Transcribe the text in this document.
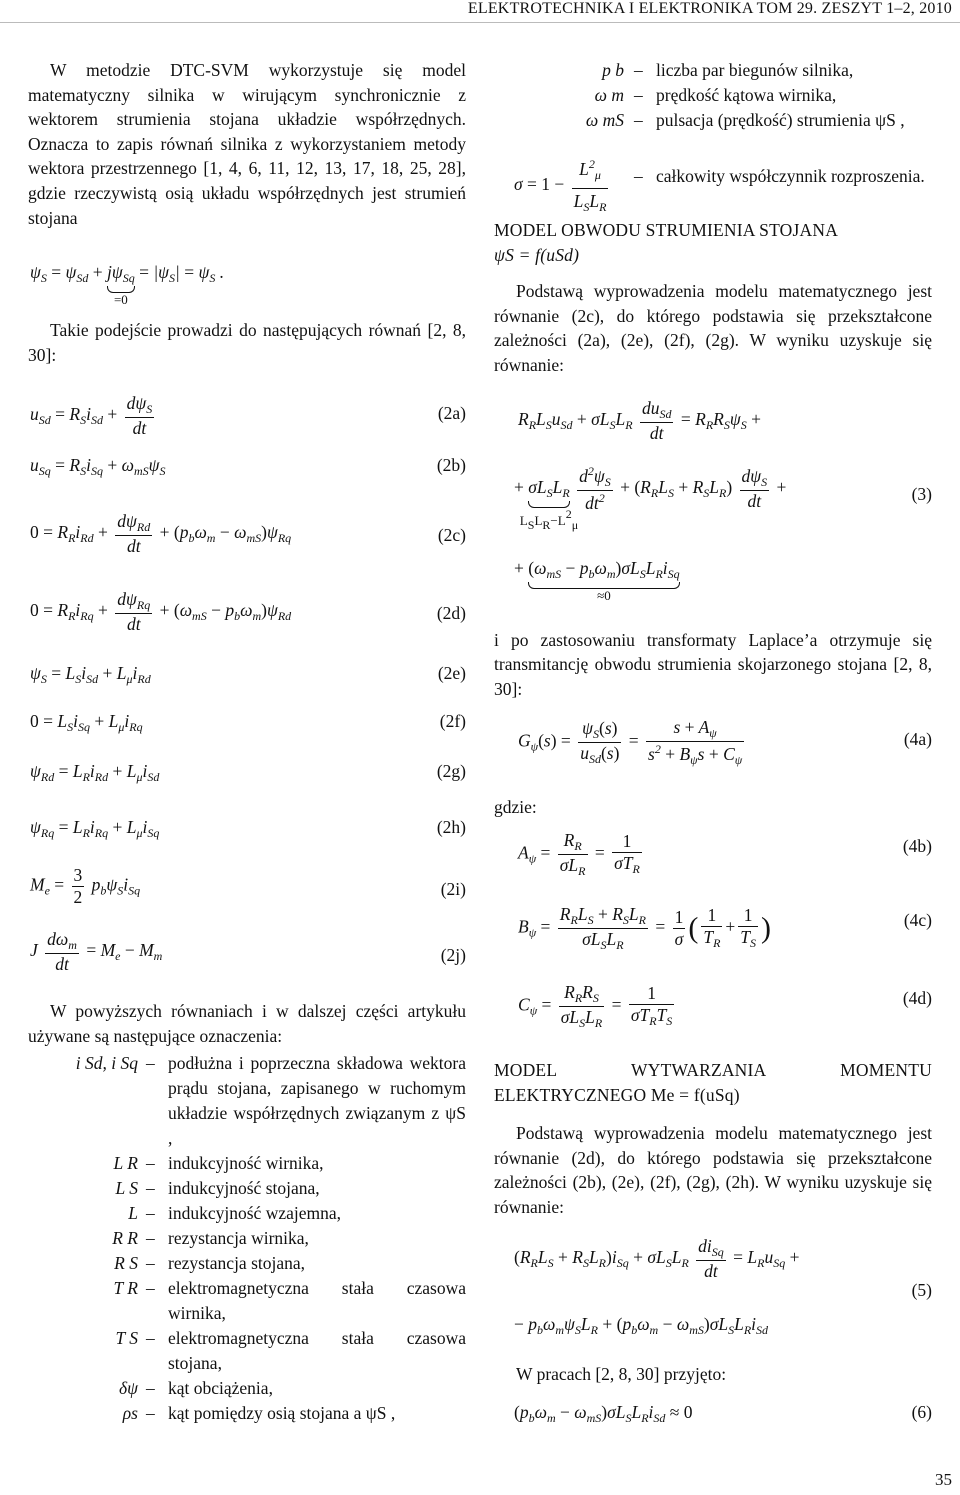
ELEKTROTECHNIKA I ELEKTRONIKA TOM 29. ZESZYT 1–2, 2010

W metodzie DTC-SVM wykorzystuje się model matematyczny silnika w wirującym synchronicznie z wektorem strumienia stojana układzie współrzędnych. Oznacza to zapis równań silnika z wykorzystaniem metody wektora przestrzennego [1, 4, 6, 11, 12, 13, 17, 18, 25, 28], gdzie rzeczywistą osią układu współrzędnych jest strumień stojana

$\psi_S = \psi_{Sd} + j\psi_{Sq}$
=0
= $|\psi_S| = \psi_S$ .

Takie podejście prowadzi do następujących równań [2, 8, 30]:

$u_{Sd} = R_Si_{Sd} + \frac{d\psi_S}{dt}$	(2a)
$u_{Sq} = R_Si_{Sq} + \omega_{mS}\psi_S$	(2b)
$0 = R_Ri_{Rd} + \frac{d\psi_{Rd}}{dt} + (p_b\omega_m - \omega_{mS})\psi_{Rq}$	(2c)
$0 = R_Ri_{Rq} + \frac{d\psi_{Rq}}{dt} + (\omega_{mS} - p_b\omega_m)\psi_{Rd}$	(2d)
$\psi_S = L_Si_{Sd} + L_\mu i_{Rd}$	(2e)
$0 = L_Si_{Sq} + L_\mu i_{Rq}$	(2f)
$\psi_{Rd} = L_Ri_{Rd} + L_\mu i_{Sd}$	(2g)
$\psi_{Rq} = L_Ri_{Rq} + L_\mu i_{Sq}$	(2h)
$M_e = \frac{3}{2} p_b\psi_Si_{Sq}$	(2i)
J $\frac{d\omega_m}{dt} = M_e - M_m$	(2j)

W powyższych równaniach i w dalszej części artykułu używane są następujące oznaczenia:

i Sd, i Sq – podłużna i poprzeczna składowa wektora prądu stojana, zapisanego w ruchomym układzie współrzędnych związanym z ψS ,
L R – indukcyjność wirnika,
L S – indukcyjność stojana,
L – indukcyjność wzajemna,
R R – rezystancja wirnika,
R S – rezystancja stojana,
T R – elektromagnetyczna stała czasowa wirnika,
T S – elektromagnetyczna stała czasowa stojana,
δψ – kąt obciążenia,
ρs – kąt pomiędzy osią stojana a ψS ,
p b – liczba par biegunów silnika,
ω m – prędkość kątowa wirnika,
ω mS – pulsacja (prędkość) strumienia ψS ,
$\sigma = 1 - \frac{L^2_\mu}{L_SL_R}$ – całkowity współczynnik rozproszenia.

MODEL OBWODU STRUMIENIA STOJANA

ψS = f(uSd)

Podstawą wyprowadzenia modelu matematycznego jest równanie (2c), do którego podstawia się przekształcone zależności (2a), (2e), (2f), (2g). W wyniku uzyskuje się równanie:

$R_RL_Su_{Sd} + \sigma L_SL_R \frac{du_{Sd}}{dt} = R_RR_S\psi_S$ +
+ $\sigma L_SL_R$
$L_SL_R-L^2_\mu$

$\frac{d^2\psi_S}{dt^2} + (R_RL_S + R_SL_R) \frac{d\psi_S}{dt}$ +	(3)
+ $(\omega_{mS} - p_b\omega_m)\sigma L_SL_Ri_{Sq}$
≈0

i po zastosowaniu transformaty Laplace’a otrzymuje się transmitancję obwodu strumienia skojarzonego stojana [2, 8, 30]:

$G_\psi(s) = \frac{\psi_S(s)}{u_{Sd}(s)} = \frac{s + A_\psi}{s^2 + B_\psi s + C_\psi}$	(4a)

gdzie:

$A_\psi = \frac{R_R}{\sigma L_R} = \frac{1}{\sigma T_R}$	(4b)
$B_\psi = \frac{R_RL_S + R_SL_R}{\sigma L_SL_R} = \frac{1}{\sigma}$ ( $\frac{1}{T_R} + \frac{1}{T_S}$ )	(4c)
$C_\psi = \frac{R_RR_S}{\sigma L_SL_R} = \frac{1}{\sigma T_RT_S}$	(4d)

MODEL WYTWARZANIA MOMENTU ELEKTRYCZNEGO Me = f(uSq)

Podstawą wyprowadzenia modelu matematycznego jest równanie (2d), do którego podstawia się przekształcone zależności (2b), (2e), (2f), (2g), (2h). W wyniku uzyskuje się równanie:

$(R_RL_S + R_SL_R)i_{Sq} + \sigma L_SL_R \frac{di_{Sq}}{dt} = L_Ru_{Sq}$ +
(5)
− $p_b\omega_m\psi_SL_R + (p_b\omega_m - \omega_{mS})\sigma L_SL_Ri_{Sd}$

W pracach [2, 8, 30] przyjęto:

$(p_b\omega_m - \omega_{mS})\sigma L_SL_Ri_{Sd} \approx 0$	(6)
35
